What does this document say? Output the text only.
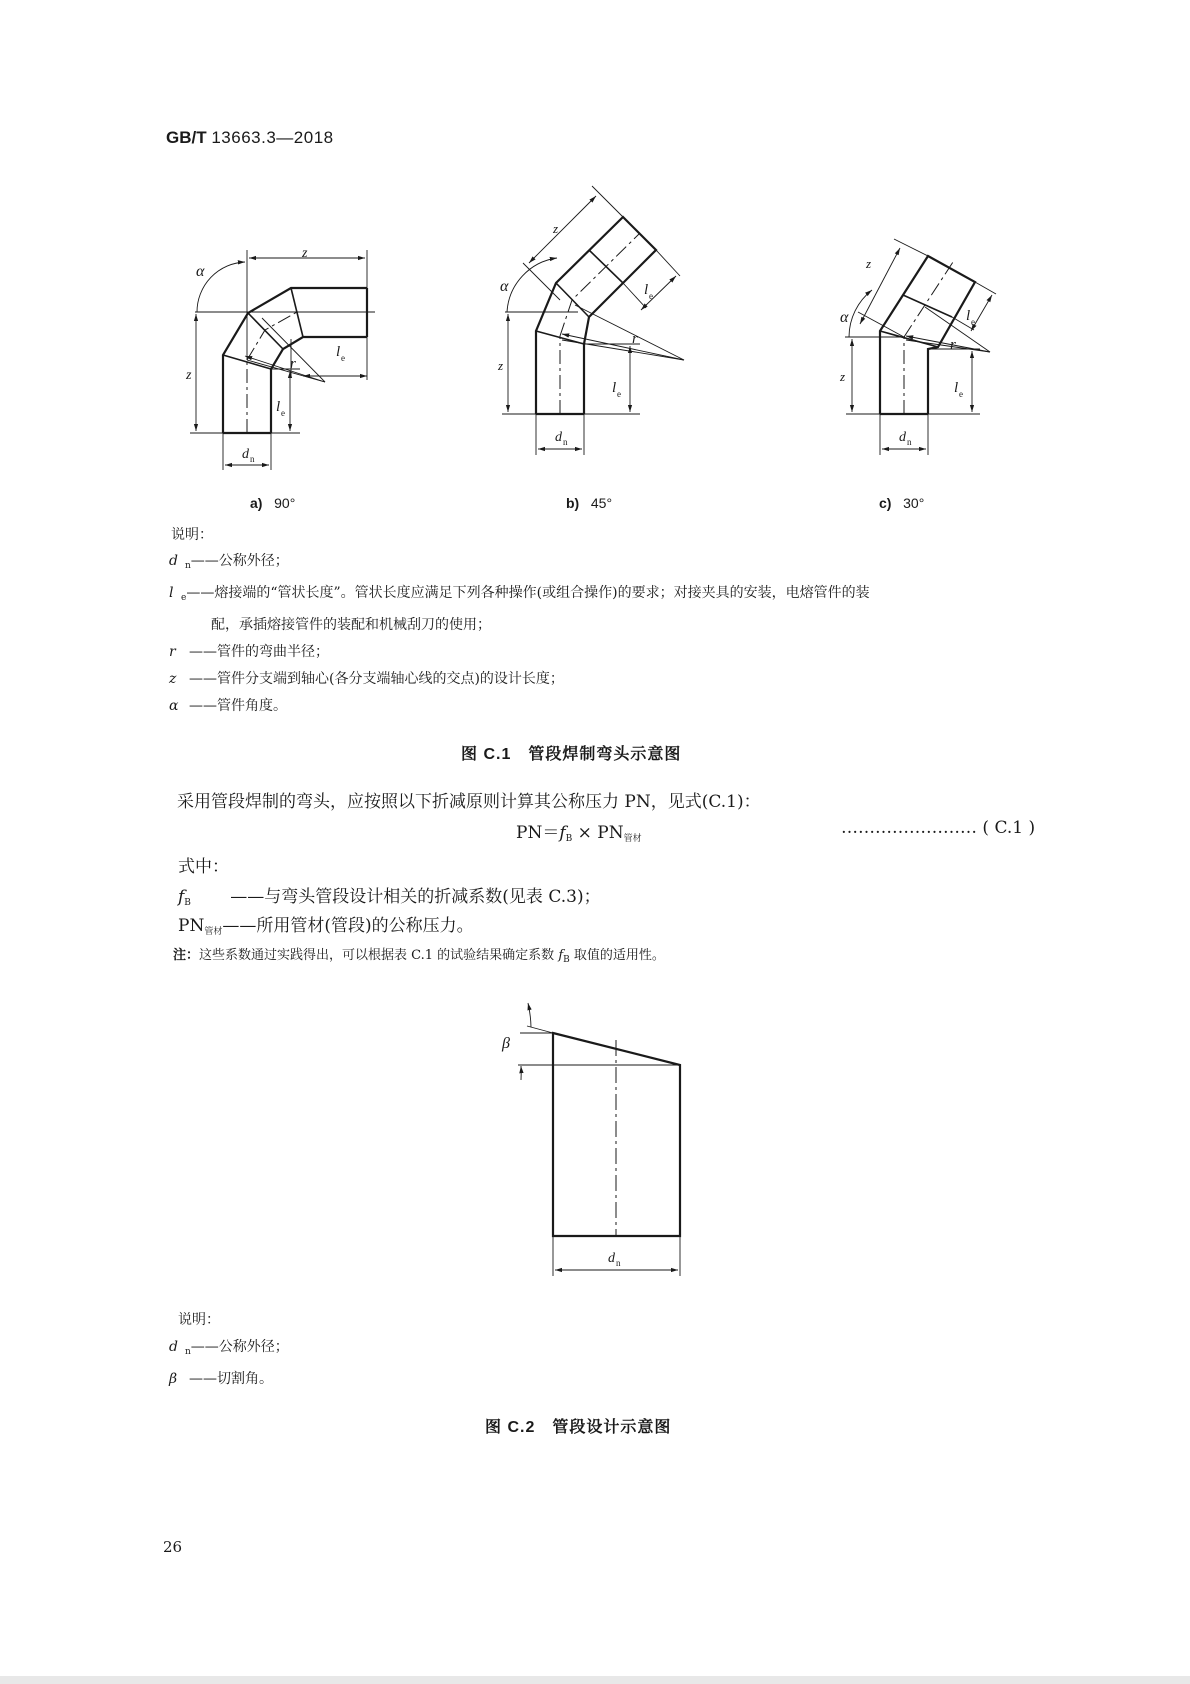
GB/T 13663.3—2018
z
z
α
r
l e
l e
d n
z
z
α
r
l e
l e
d n
z
z
α
r
l e
l e
d n
β
d n
a) 90°	b) 45°	c) 30°
说明：
d $_n$——公称外径；
l $_e$——熔接端的“管状长度”。管状长度应满足下列各种操作(或组合操作)的要求；对接夹具的安装，电熔管件的装
配，承插熔接管件的装配和机械刮刀的使用；
r ——管件的弯曲半径；
z ——管件分支端到轴心(各分支端轴心线的交点)的设计长度；
α ——管件角度。
图 C.1　管段焊制弯头示意图
采用管段焊制的弯头，应按照以下折减原则计算其公称压力 PN，见式(C.1)：
$PN=f_B \times PN_{管材}$
…………………… ( C.1 )
式中：
fB ——与弯头管段设计相关的折减系数(见表 C.3)；
$PN_{管材}——$所用管材(管段)的公称压力。
注：这些系数通过实践得出，可以根据表 C.1 的试验结果确定系数 $f_B$ 取值的适用性。
说明：
d $_n$——公称外径；
β ——切割角。
图 C.2　管段设计示意图
26
